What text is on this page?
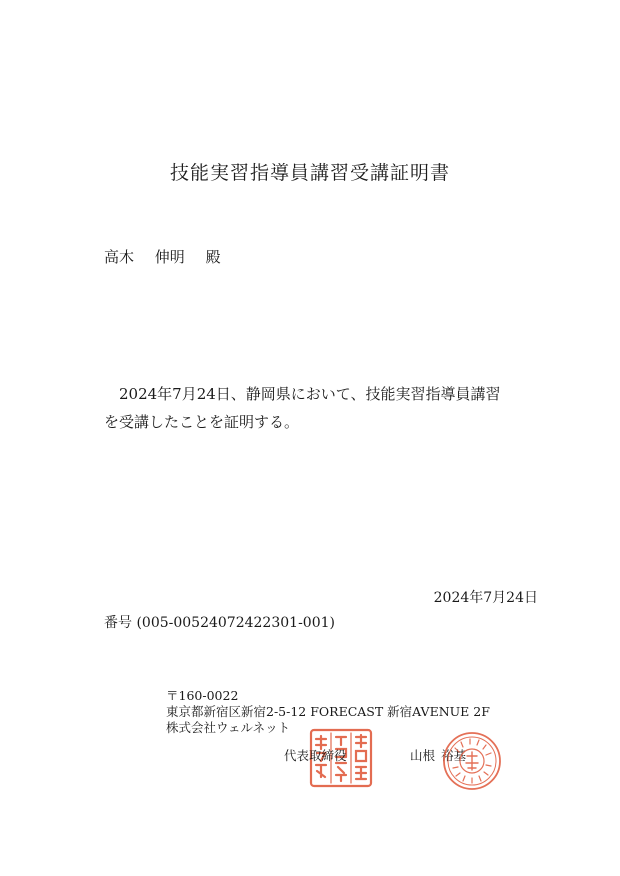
技能実習指導員講習受講証明書
高木 伸明 殿
2024年7月24日、静岡県において、技能実習指導員講習
を受講したことを証明する。
2024年7月24日
番号 (005-00524072422301-001)
〒160-0022
東京都新宿区新宿2-5-12 FORECAST 新宿AVENUE 2F
株式会社ウェルネット
代表取締役	山根 裕基
